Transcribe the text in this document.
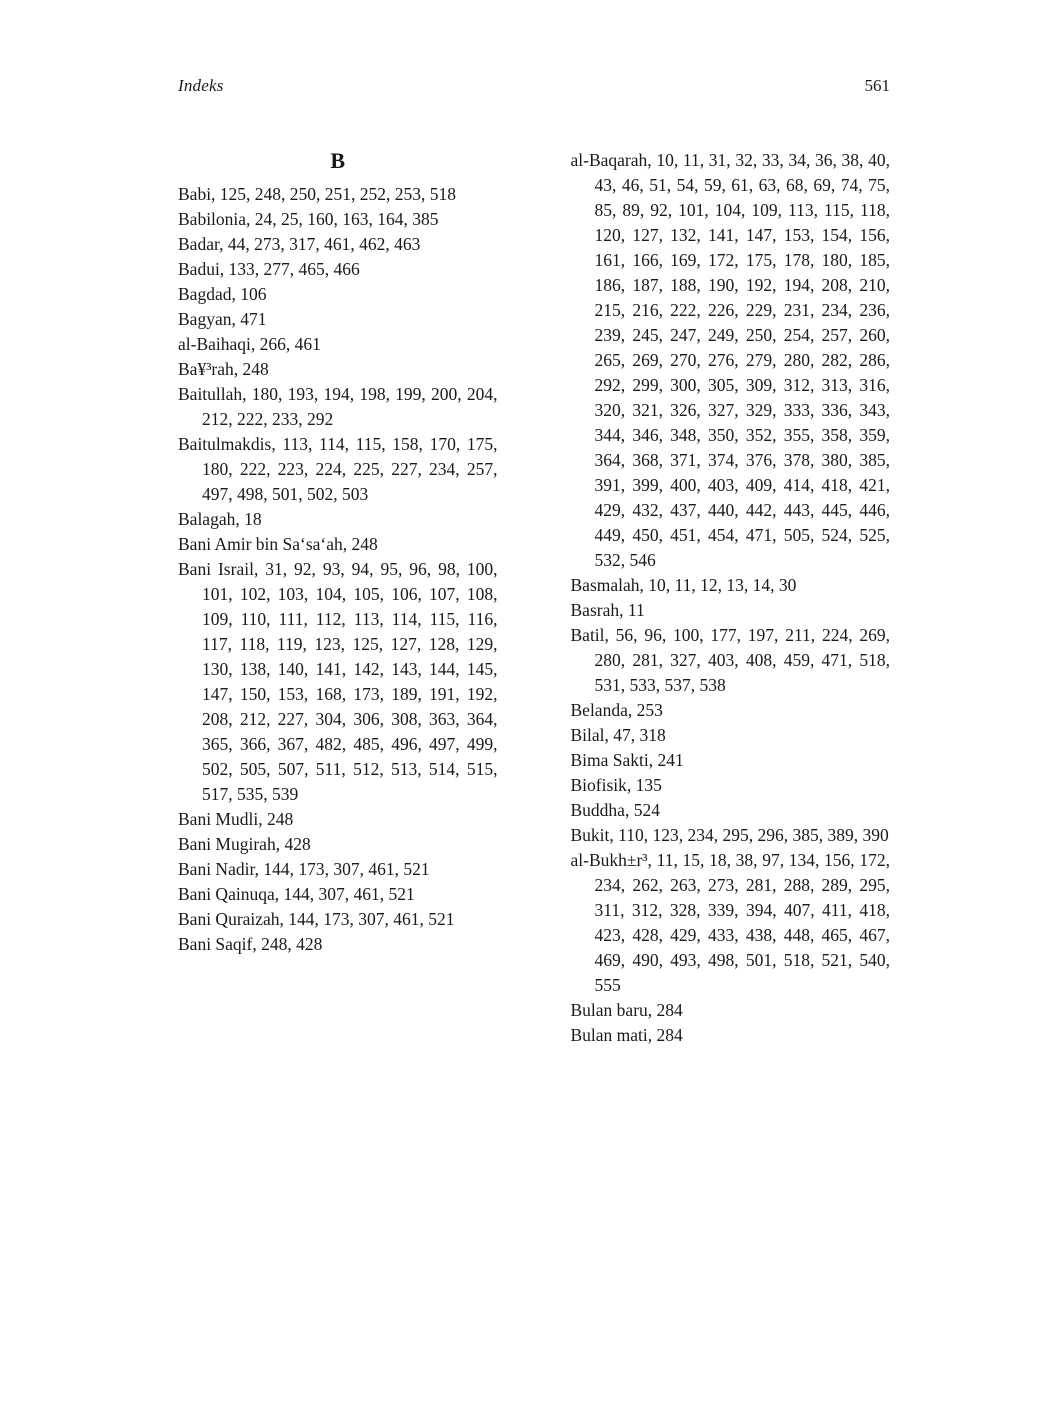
Indeks	561
B

Babi, 125, 248, 250, 251, 252, 253, 518

Babilonia, 24, 25, 160, 163, 164, 385

Badar, 44, 273, 317, 461, 462, 463

Badui, 133, 277, 465, 466

Bagdad, 106

Bagyan, 471

al-Baihaqi, 266, 461

Ba¥³rah, 248

Baitullah, 180, 193, 194, 198, 199, 200, 204, 212, 222, 233, 292

Baitulmakdis, 113, 114, 115, 158, 170, 175, 180, 222, 223, 224, 225, 227, 234, 257, 497, 498, 501, 502, 503

Balagah, 18

Bani Amir bin Sa‘sa‘ah, 248

Bani Israil, 31, 92, 93, 94, 95, 96, 98, 100, 101, 102, 103, 104, 105, 106, 107, 108, 109, 110, 111, 112, 113, 114, 115, 116, 117, 118, 119, 123, 125, 127, 128, 129, 130, 138, 140, 141, 142, 143, 144, 145, 147, 150, 153, 168, 173, 189, 191, 192, 208, 212, 227, 304, 306, 308, 363, 364, 365, 366, 367, 482, 485, 496, 497, 499, 502, 505, 507, 511, 512, 513, 514, 515, 517, 535, 539

Bani Mudli, 248

Bani Mugirah, 428

Bani Nadir, 144, 173, 307, 461, 521

Bani Qainuqa, 144, 307, 461, 521

Bani Quraizah, 144, 173, 307, 461, 521

Bani Saqif, 248, 428

al-Baqarah, 10, 11, 31, 32, 33, 34, 36, 38, 40, 43, 46, 51, 54, 59, 61, 63, 68, 69, 74, 75, 85, 89, 92, 101, 104, 109, 113, 115, 118, 120, 127, 132, 141, 147, 153, 154, 156, 161, 166, 169, 172, 175, 178, 180, 185, 186, 187, 188, 190, 192, 194, 208, 210, 215, 216, 222, 226, 229, 231, 234, 236, 239, 245, 247, 249, 250, 254, 257, 260, 265, 269, 270, 276, 279, 280, 282, 286, 292, 299, 300, 305, 309, 312, 313, 316, 320, 321, 326, 327, 329, 333, 336, 343, 344, 346, 348, 350, 352, 355, 358, 359, 364, 368, 371, 374, 376, 378, 380, 385, 391, 399, 400, 403, 409, 414, 418, 421, 429, 432, 437, 440, 442, 443, 445, 446, 449, 450, 451, 454, 471, 505, 524, 525, 532, 546

Basmalah, 10, 11, 12, 13, 14, 30

Basrah, 11

Batil, 56, 96, 100, 177, 197, 211, 224, 269, 280, 281, 327, 403, 408, 459, 471, 518, 531, 533, 537, 538

Belanda, 253

Bilal, 47, 318

Bima Sakti, 241

Biofisik, 135

Buddha, 524

Bukit, 110, 123, 234, 295, 296, 385, 389, 390

al-Bukh±r³, 11, 15, 18, 38, 97, 134, 156, 172, 234, 262, 263, 273, 281, 288, 289, 295, 311, 312, 328, 339, 394, 407, 411, 418, 423, 428, 429, 433, 438, 448, 465, 467, 469, 490, 493, 498, 501, 518, 521, 540, 555

Bulan baru, 284

Bulan mati, 284
